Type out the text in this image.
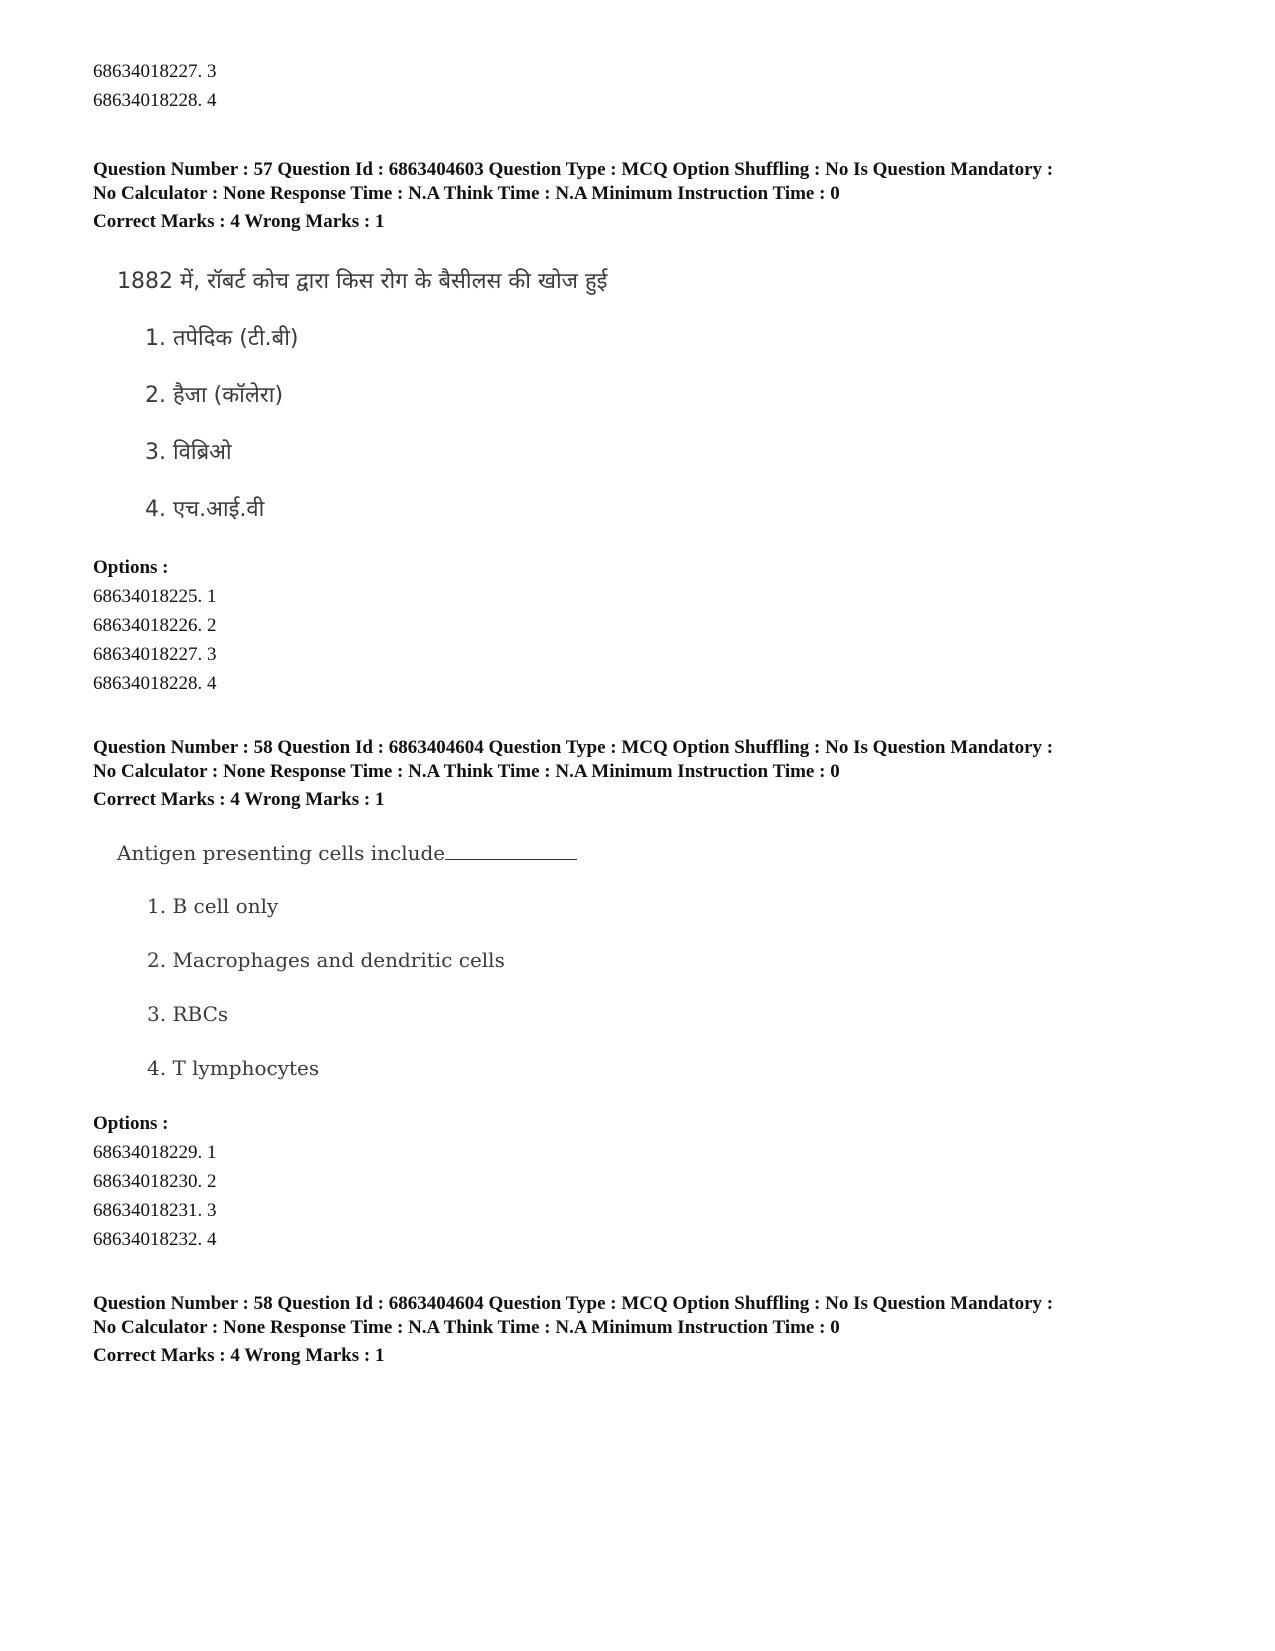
68634018227. 3
68634018228. 4
Question Number : 57 Question Id : 6863404603 Question Type : MCQ Option Shuffling : No Is Question Mandatory :
No Calculator : None Response Time : N.A Think Time : N.A Minimum Instruction Time : 0
Correct Marks : 4 Wrong Marks : 1
1882 में, रॉबर्ट कोच द्वारा किस रोग के बैसीलस की खोज हुई
1. तपेदिक (टी.बी)
2. हैजा (कॉलेरा)
3. विब्रिओ
4. एच.आई.वी
Options :
68634018225. 1
68634018226. 2
68634018227. 3
68634018228. 4
Question Number : 58 Question Id : 6863404604 Question Type : MCQ Option Shuffling : No Is Question Mandatory :
No Calculator : None Response Time : N.A Think Time : N.A Minimum Instruction Time : 0
Correct Marks : 4 Wrong Marks : 1
Antigen presenting cells include
1. B cell only
2. Macrophages and dendritic cells
3. RBCs
4. T lymphocytes
Options :
68634018229. 1
68634018230. 2
68634018231. 3
68634018232. 4
Question Number : 58 Question Id : 6863404604 Question Type : MCQ Option Shuffling : No Is Question Mandatory :
No Calculator : None Response Time : N.A Think Time : N.A Minimum Instruction Time : 0
Correct Marks : 4 Wrong Marks : 1
